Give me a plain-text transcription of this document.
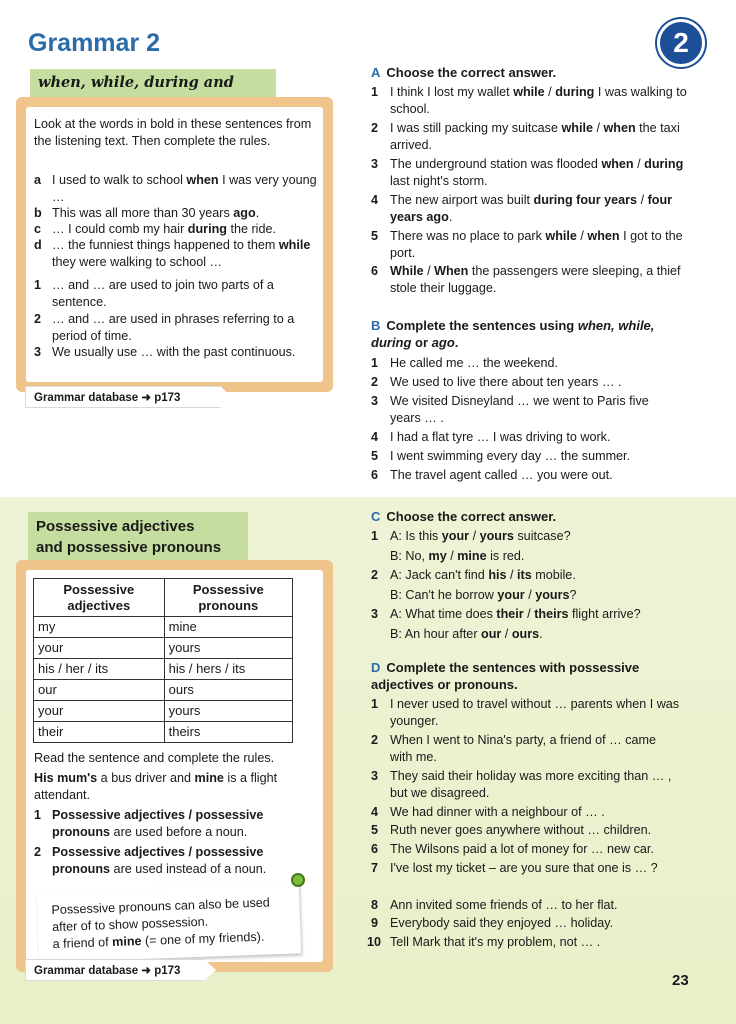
Grammar 2	2
when, while, during and
Look at the words in bold in these sentences from the listening text. Then complete the rules.
a I used to walk to school when I was very young …
b This was all more than 30 years ago.
c … I could comb my hair during the ride.
d … the funniest things happened to them while they were walking to school …
1 … and … are used to join two parts of a sentence.
2 … and … are used in phrases referring to a period of time.
3 We usually use … with the past continuous.
Grammar database ➜ p173
Possessive adjectives
and possessive pronouns
Possessive adjectives	Possessive pronouns
my	mine
your	yours
his / her / its	his / hers / its
our	ours
your	yours
their	theirs
Read the sentence and complete the rules.
His mum's a bus driver and mine is a flight attendant.
1 Possessive adjectives / possessive pronouns are used before a noun.
2 Possessive adjectives / possessive pronouns are used instead of a noun.
Possessive pronouns can also be used after of to show possession.
a friend of mine (= one of my friends).
Grammar database ➜ p173
A Choose the correct answer.
1 I think I lost my wallet while / during I was walking to school.
2 I was still packing my suitcase while / when the taxi arrived.
3 The underground station was flooded when / during last night's storm.
4 The new airport was built during four years / four years ago.
5 There was no place to park while / when I got to the port.
6 While / When the passengers were sleeping, a thief stole their luggage.
B Complete the sentences using when, while, during or ago.
1 He called me … the weekend.
2 We used to live there about ten years … .
3 We visited Disneyland … we went to Paris five years … .
4 I had a flat tyre … I was driving to work.
5 I went swimming every day … the summer.
6 The travel agent called … you were out.
C Choose the correct answer.
1 A: Is this your / yours suitcase?
B: No, my / mine is red.
2 A: Jack can't find his / its mobile.
B: Can't he borrow your / yours?
3 A: What time does their / theirs flight arrive?
B: An hour after our / ours.
D Complete the sentences with possessive adjectives or pronouns.
1 I never used to travel without … parents when I was younger.
2 When I went to Nina's party, a friend of … came with me.
3 They said their holiday was more exciting than … , but we disagreed.
4 We had dinner with a neighbour of … .
5 Ruth never goes anywhere without … children.
6 The Wilsons paid a lot of money for … new car.
7 I've lost my ticket – are you sure that one is … ?
8 Ann invited some friends of … to her flat.
9 Everybody said they enjoyed … holiday.
10 Tell Mark that it's my problem, not … .
23
